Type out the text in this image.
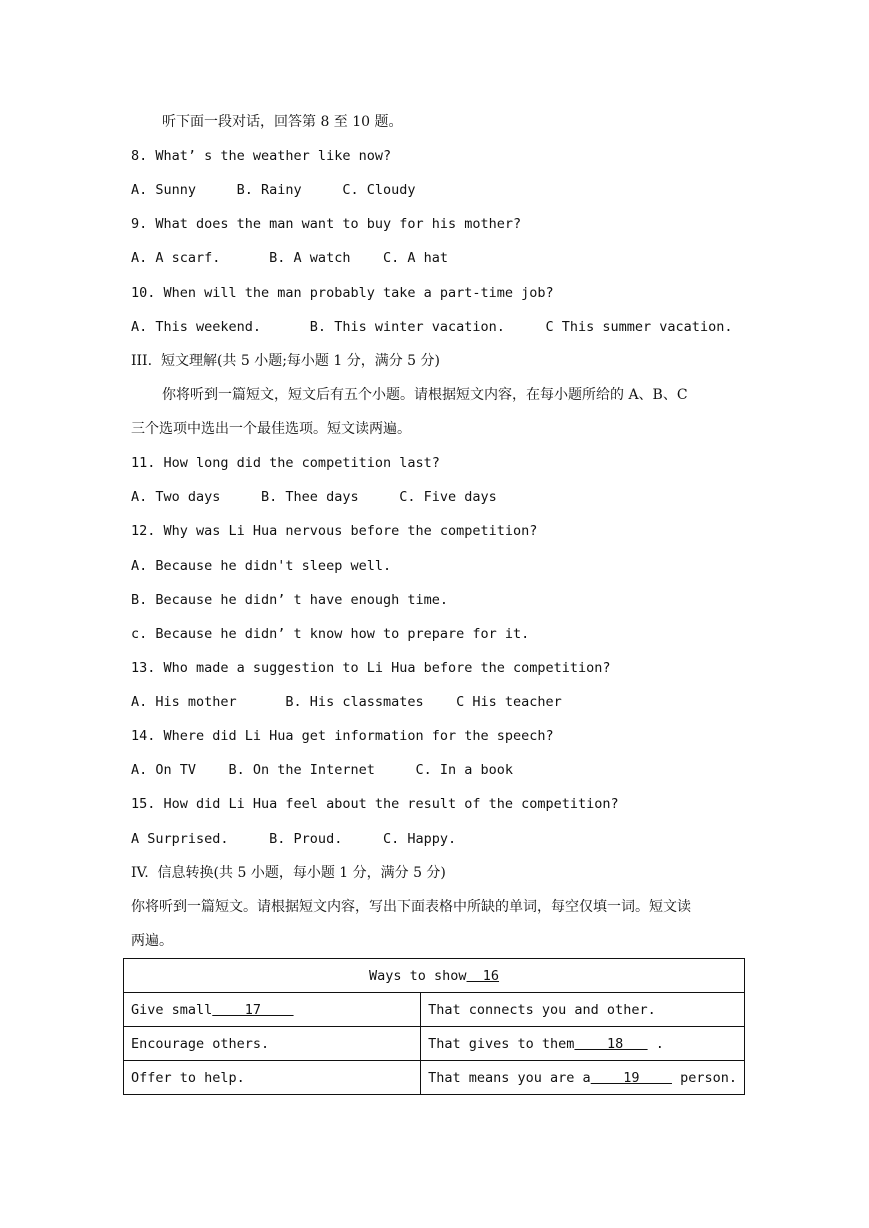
听下面一段对话，回答第 8 至 10 题。
8. What’ s the weather like now?
A. Sunny     B. Rainy     C. Cloudy
9. What does the man want to buy for his mother?
A. A scarf.      B. A watch    C. A hat
10. When will the man probably take a part-time job?
A. This weekend.      B. This winter vacation.     C This summer vacation.
III.  短文理解(共 5 小题;每小题 1 分，满分 5 分)
你将听到一篇短文，短文后有五个小题。请根据短文内容，在每小题所给的 A、B、C
三个选项中选出一个最佳选项。短文读两遍。
11. How long did the competition last?
A. Two days     B. Thee days     C. Five days
12. Why was Li Hua nervous before the competition?
A. Because he didn't sleep well.
B. Because he didn’ t have enough time.
c. Because he didn’ t know how to prepare for it.
13. Who made a suggestion to Li Hua before the competition?
A. His mother      B. His classmates    C His teacher
14. Where did Li Hua get information for the speech?
A. On TV    B. On the Internet     C. In a book
15. How did Li Hua feel about the result of the competition?
A Surprised.     B. Proud.     C. Happy.
IV.  信息转换(共 5 小题，每小题 1 分，满分 5 分)
你将听到一篇短文。请根据短文内容，写出下面表格中所缺的单词，每空仅填一词。短文读
两遍。
Ways to show  16	
Give small    17	That connects you and other.
Encourage others.	That gives to them    18    .
Offer to help.	That means you are a    19     person.
